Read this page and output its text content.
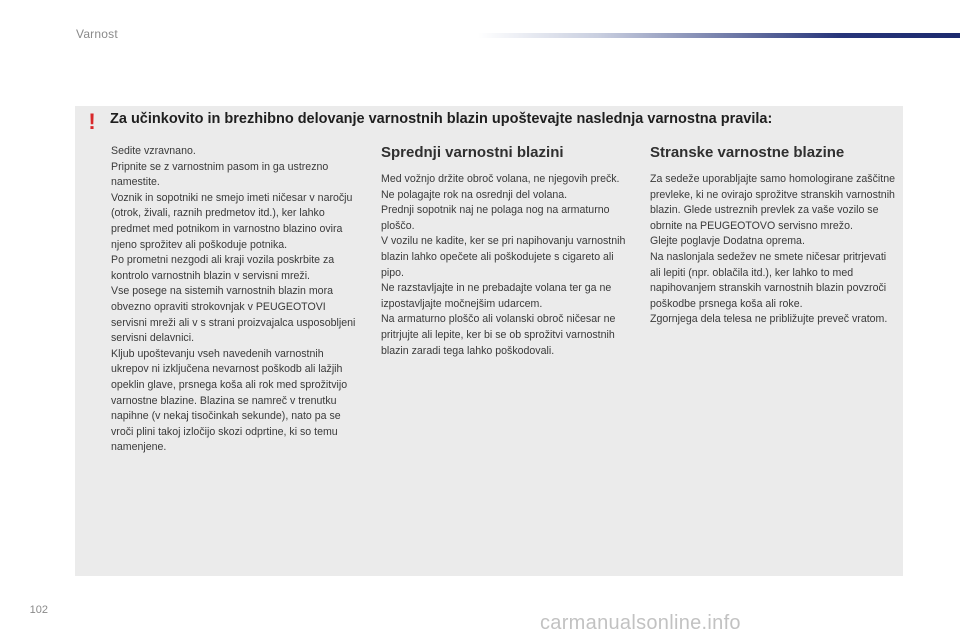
Varnost
! Za učinkovito in brezhibno delovanje varnostnih blazin upoštevajte naslednja varnostna pravila:

Sedite vzravnano.

Pripnite se z varnostnim pasom in ga ustrezno namestite.

Voznik in sopotniki ne smejo imeti ničesar v naročju (otrok, živali, raznih predmetov itd.), ker lahko predmet med potnikom in varnostno blazino ovira njeno sprožitev ali poškoduje potnika.

Po prometni nezgodi ali kraji vozila poskrbite za kontrolo varnostnih blazin v servisni mreži.

Vse posege na sistemih varnostnih blazin mora obvezno opraviti strokovnjak v PEUGEOTOVI servisni mreži ali v s strani proizvajalca usposobljeni servisni delavnici.

Kljub upoštevanju vseh navedenih varnostnih ukrepov ni izključena nevarnost poškodb ali lažjih opeklin glave, prsnega koša ali rok med sprožitvijo varnostne blazine. Blazina se namreč v trenutku napihne (v nekaj tisočinkah sekunde), nato pa se vroči plini takoj izločijo skozi odprtine, ki so temu namenjene.

Sprednji varnostni blazini

Med vožnjo držite obroč volana, ne njegovih prečk. Ne polagajte rok na osrednji del volana.

Prednji sopotnik naj ne polaga nog na armaturno ploščo.

V vozilu ne kadite, ker se pri napihovanju varnostnih blazin lahko opečete ali poškodujete s cigareto ali pipo.

Ne razstavljajte in ne prebadajte volana ter ga ne izpostavljajte močnejšim udarcem.

Na armaturno ploščo ali volanski obroč ničesar ne pritrjujte ali lepite, ker bi se ob sprožitvi varnostnih blazin zaradi tega lahko poškodovali.

Stranske varnostne blazine

Za sedeže uporabljajte samo homologirane zaščitne prevleke, ki ne ovirajo sprožitve stranskih varnostnih blazin. Glede ustreznih prevlek za vaše vozilo se obrnite na PEUGEOTOVO servisno mrežo.

Glejte poglavje Dodatna oprema.

Na naslonjala sedežev ne smete ničesar pritrjevati ali lepiti (npr. oblačila itd.), ker lahko to med napihovanjem stranskih varnostnih blazin povzroči poškodbe prsnega koša ali roke.

Zgornjega dela telesa ne približujte preveč vratom.

102
carmanualsonline.info
